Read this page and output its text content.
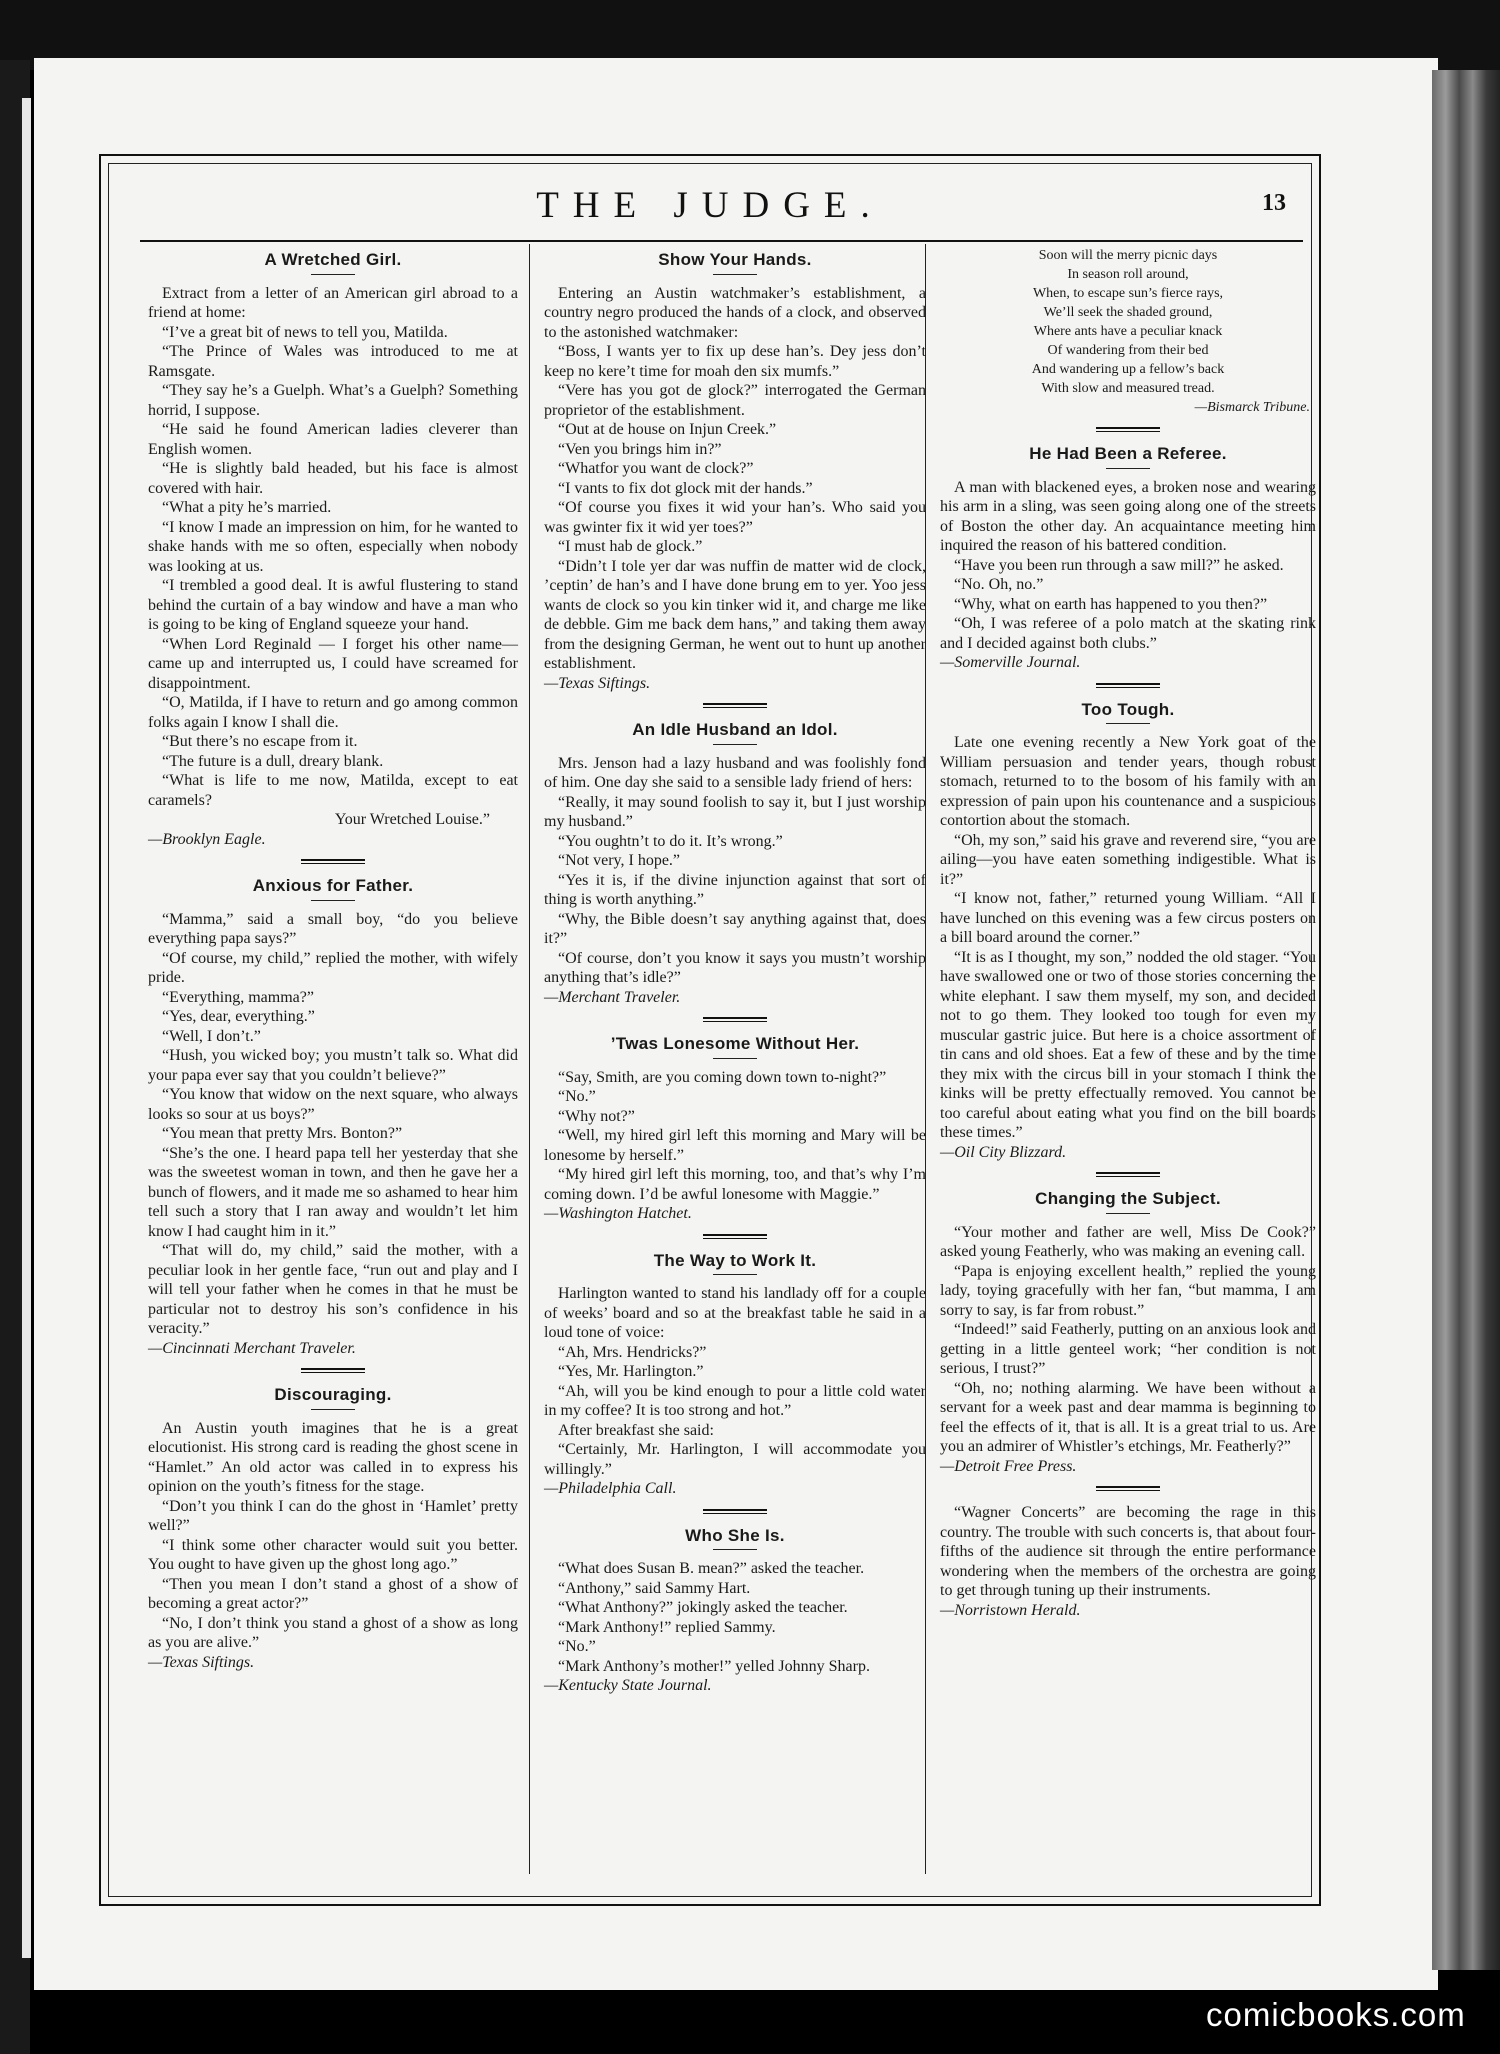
THE JUDGE.	13
A Wretched Girl.

Extract from a letter of an American girl abroad to a friend at home:

“I’ve a great bit of news to tell you, Matilda.

“The Prince of Wales was introduced to me at Ramsgate.

“They say he’s a Guelph. What’s a Guelph? Something horrid, I suppose.

“He said he found American ladies cleverer than English women.

“He is slightly bald headed, but his face is almost covered with hair.

“What a pity he’s married.

“I know I made an impression on him, for he wanted to shake hands with me so often, especially when nobody was looking at us.

“I trembled a good deal. It is awful flustering to stand behind the curtain of a bay window and have a man who is going to be king of England squeeze your hand.

“When Lord Reginald — I forget his other name—came up and interrupted us, I could have screamed for disappointment.

“O, Matilda, if I have to return and go among common folks again I know I shall die.

“But there’s no escape from it.

“The future is a dull, dreary blank.

“What is life to me now, Matilda, except to eat caramels?

Your Wretched Louise.”

—Brooklyn Eagle.

Anxious for Father.

“Mamma,” said a small boy, “do you believe everything papa says?”

“Of course, my child,” replied the mother, with wifely pride.

“Everything, mamma?”

“Yes, dear, everything.”

“Well, I don’t.”

“Hush, you wicked boy; you mustn’t talk so. What did your papa ever say that you couldn’t believe?”

“You know that widow on the next square, who always looks so sour at us boys?”

“You mean that pretty Mrs. Bonton?”

“She’s the one. I heard papa tell her yesterday that she was the sweetest woman in town, and then he gave her a bunch of flowers, and it made me so ashamed to hear him tell such a story that I ran away and wouldn’t let him know I had caught him in it.”

“That will do, my child,” said the mother, with a peculiar look in her gentle face, “run out and play and I will tell your father when he comes in that he must be particular not to destroy his son’s confidence in his veracity.”

—Cincinnati Merchant Traveler.

Discouraging.

An Austin youth imagines that he is a great elocutionist. His strong card is reading the ghost scene in “Hamlet.” An old actor was called in to express his opinion on the youth’s fitness for the stage.

“Don’t you think I can do the ghost in ‘Hamlet’ pretty well?”

“I think some other character would suit you better. You ought to have given up the ghost long ago.”

“Then you mean I don’t stand a ghost of a show of becoming a great actor?”

“No, I don’t think you stand a ghost of a show as long as you are alive.”

—Texas Siftings.

Show Your Hands.

Entering an Austin watchmaker’s establishment, a country negro produced the hands of a clock, and observed to the astonished watchmaker:

“Boss, I wants yer to fix up dese han’s. Dey jess don’t keep no kere’t time for moah den six mumfs.”

“Vere has you got de glock?” interrogated the German proprietor of the establishment.

“Out at de house on Injun Creek.”

“Ven you brings him in?”

“Whatfor you want de clock?”

“I vants to fix dot glock mit der hands.”

“Of course you fixes it wid your han’s. Who said you was gwinter fix it wid yer toes?”

“I must hab de glock.”

“Didn’t I tole yer dar was nuffin de matter wid de clock, ’ceptin’ de han’s and I have done brung em to yer. Yoo jess wants de clock so you kin tinker wid it, and charge me like de debble. Gim me back dem hans,” and taking them away from the designing German, he went out to hunt up another establishment.

—Texas Siftings.

An Idle Husband an Idol.

Mrs. Jenson had a lazy husband and was foolishly fond of him. One day she said to a sensible lady friend of hers:

“Really, it may sound foolish to say it, but I just worship my husband.”

“You oughtn’t to do it. It’s wrong.”

“Not very, I hope.”

“Yes it is, if the divine injunction against that sort of thing is worth anything.”

“Why, the Bible doesn’t say anything against that, does it?”

“Of course, don’t you know it says you mustn’t worship anything that’s idle?”

—Merchant Traveler.

’Twas Lonesome Without Her.

“Say, Smith, are you coming down town to-night?”

“No.”

“Why not?”

“Well, my hired girl left this morning and Mary will be lonesome by herself.”

“My hired girl left this morning, too, and that’s why I’m coming down. I’d be awful lonesome with Maggie.”

—Washington Hatchet.

The Way to Work It.

Harlington wanted to stand his landlady off for a couple of weeks’ board and so at the breakfast table he said in a loud tone of voice:

“Ah, Mrs. Hendricks?”

“Yes, Mr. Harlington.”

“Ah, will you be kind enough to pour a little cold water in my coffee? It is too strong and hot.”

After breakfast she said:

“Certainly, Mr. Harlington, I will accommodate you willingly.”

—Philadelphia Call.

Who She Is.

“What does Susan B. mean?” asked the teacher.

“Anthony,” said Sammy Hart.

“What Anthony?” jokingly asked the teacher.

“Mark Anthony!” replied Sammy.

“No.”

“Mark Anthony’s mother!” yelled Johnny Sharp.

—Kentucky State Journal.

Soon will the merry picnic days

In season roll around,

When, to escape sun’s fierce rays,

We’ll seek the shaded ground,

Where ants have a peculiar knack

Of wandering from their bed

And wandering up a fellow’s back

With slow and measured tread.

—Bismarck Tribune.

He Had Been a Referee.

A man with blackened eyes, a broken nose and wearing his arm in a sling, was seen going along one of the streets of Boston the other day. An acquaintance meeting him inquired the reason of his battered condition.

“Have you been run through a saw mill?” he asked.

“No. Oh, no.”

“Why, what on earth has happened to you then?”

“Oh, I was referee of a polo match at the skating rink and I decided against both clubs.”

—Somerville Journal.

Too Tough.

Late one evening recently a New York goat of the William persuasion and tender years, though robust stomach, returned to to the bosom of his family with an expression of pain upon his countenance and a suspicious contortion about the stomach.

“Oh, my son,” said his grave and reverend sire, “you are ailing—you have eaten something indigestible. What is it?”

“I know not, father,” returned young William. “All I have lunched on this evening was a few circus posters on a bill board around the corner.”

“It is as I thought, my son,” nodded the old stager. “You have swallowed one or two of those stories concerning the white elephant. I saw them myself, my son, and decided not to go them. They looked too tough for even my muscular gastric juice. But here is a choice assortment of tin cans and old shoes. Eat a few of these and by the time they mix with the circus bill in your stomach I think the kinks will be pretty effectually removed. You cannot be too careful about eating what you find on the bill boards these times.”

—Oil City Blizzard.

Changing the Subject.

“Your mother and father are well, Miss De Cook?” asked young Featherly, who was making an evening call.

“Papa is enjoying excellent health,” replied the young lady, toying gracefully with her fan, “but mamma, I am sorry to say, is far from robust.”

“Indeed!” said Featherly, putting on an anxious look and getting in a little genteel work; “her condition is not serious, I trust?”

“Oh, no; nothing alarming. We have been without a servant for a week past and dear mamma is beginning to feel the effects of it, that is all. It is a great trial to us. Are you an admirer of Whistler’s etchings, Mr. Featherly?”

—Detroit Free Press.

“Wagner Concerts” are becoming the rage in this country. The trouble with such concerts is, that about four-fifths of the audience sit through the entire performance wondering when the members of the orchestra are going to get through tuning up their instruments.

—Norristown Herald.

comicbooks.com
